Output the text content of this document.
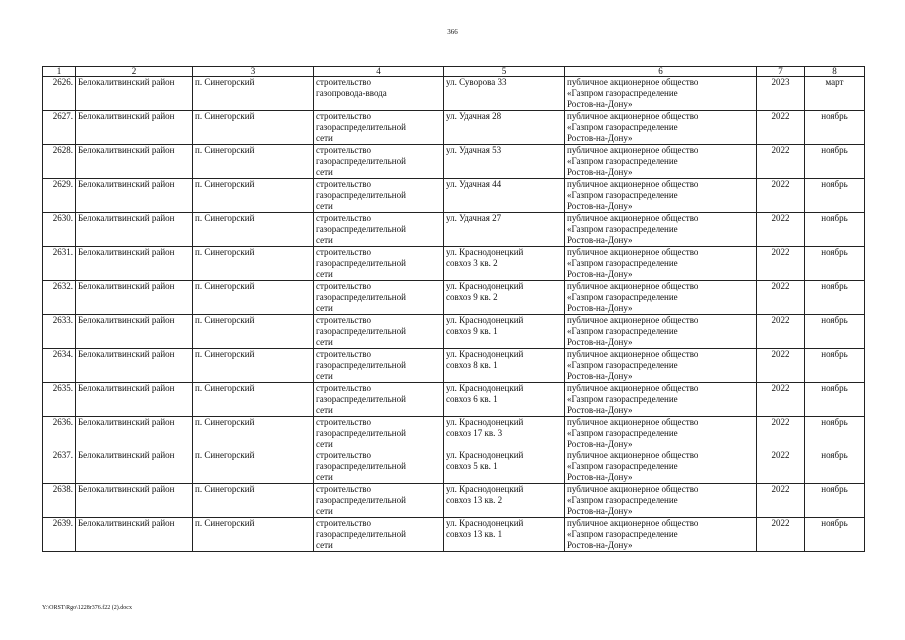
366
1	2	3	4	5	6	7	8
2626.	Белокалитвинский район	п. Синегорский	строительство
газопровода-ввода	ул. Суворова 33	публичное акционерное общество
«Газпром газораспределение
Ростов-на-Дону»	2023	март
2627.	Белокалитвинский район	п. Синегорский	строительство
газораспределительной
сети	ул. Удачная 28	публичное акционерное общество
«Газпром газораспределение
Ростов-на-Дону»	2022	ноябрь
2628.	Белокалитвинский район	п. Синегорский	строительство
газораспределительной
сети	ул. Удачная 53	публичное акционерное общество
«Газпром газораспределение
Ростов-на-Дону»	2022	ноябрь
2629.	Белокалитвинский район	п. Синегорский	строительство
газораспределительной
сети	ул. Удачная 44	публичное акционерное общество
«Газпром газораспределение
Ростов-на-Дону»	2022	ноябрь
2630.	Белокалитвинский район	п. Синегорский	строительство
газораспределительной
сети	ул. Удачная 27	публичное акционерное общество
«Газпром газораспределение
Ростов-на-Дону»	2022	ноябрь
2631.	Белокалитвинский район	п. Синегорский	строительство
газораспределительной
сети	ул. Краснодонецкий
совхоз 3 кв. 2	публичное акционерное общество
«Газпром газораспределение
Ростов-на-Дону»	2022	ноябрь
2632.	Белокалитвинский район	п. Синегорский	строительство
газораспределительной
сети	ул. Краснодонецкий
совхоз 9 кв. 2	публичное акционерное общество
«Газпром газораспределение
Ростов-на-Дону»	2022	ноябрь
2633.	Белокалитвинский район	п. Синегорский	строительство
газораспределительной
сети	ул. Краснодонецкий
совхоз 9 кв. 1	публичное акционерное общество
«Газпром газораспределение
Ростов-на-Дону»	2022	ноябрь
2634.	Белокалитвинский район	п. Синегорский	строительство
газораспределительной
сети	ул. Краснодонецкий
совхоз 8 кв. 1	публичное акционерное общество
«Газпром газораспределение
Ростов-на-Дону»	2022	ноябрь
2635.	Белокалитвинский район	п. Синегорский	строительство
газораспределительной
сети	ул. Краснодонецкий
совхоз 6 кв. 1	публичное акционерное общество
«Газпром газораспределение
Ростов-на-Дону»	2022	ноябрь
2636.	Белокалитвинский район	п. Синегорский	строительство
газораспределительной
сети	ул. Краснодонецкий
совхоз 17 кв. 3	публичное акционерное общество
«Газпром газораспределение
Ростов-на-Дону»	2022	ноябрь
2637.	Белокалитвинский район	п. Синегорский	строительство
газораспределительной
сети	ул. Краснодонецкий
совхоз 5 кв. 1	публичное акционерное общество
«Газпром газораспределение
Ростов-на-Дону»	2022	ноябрь
2638.	Белокалитвинский район	п. Синегорский	строительство
газораспределительной
сети	ул. Краснодонецкий
совхоз 13 кв. 2	публичное акционерное общество
«Газпром газораспределение
Ростов-на-Дону»	2022	ноябрь
2639.	Белокалитвинский район	п. Синегорский	строительство
газораспределительной
сети	ул. Краснодонецкий
совхоз 13 кв. 1	публичное акционерное общество
«Газпром газораспределение
Ростов-на-Дону»	2022	ноябрь
Y:\ORST\Rgo\1228r376.f22 (2).docx
